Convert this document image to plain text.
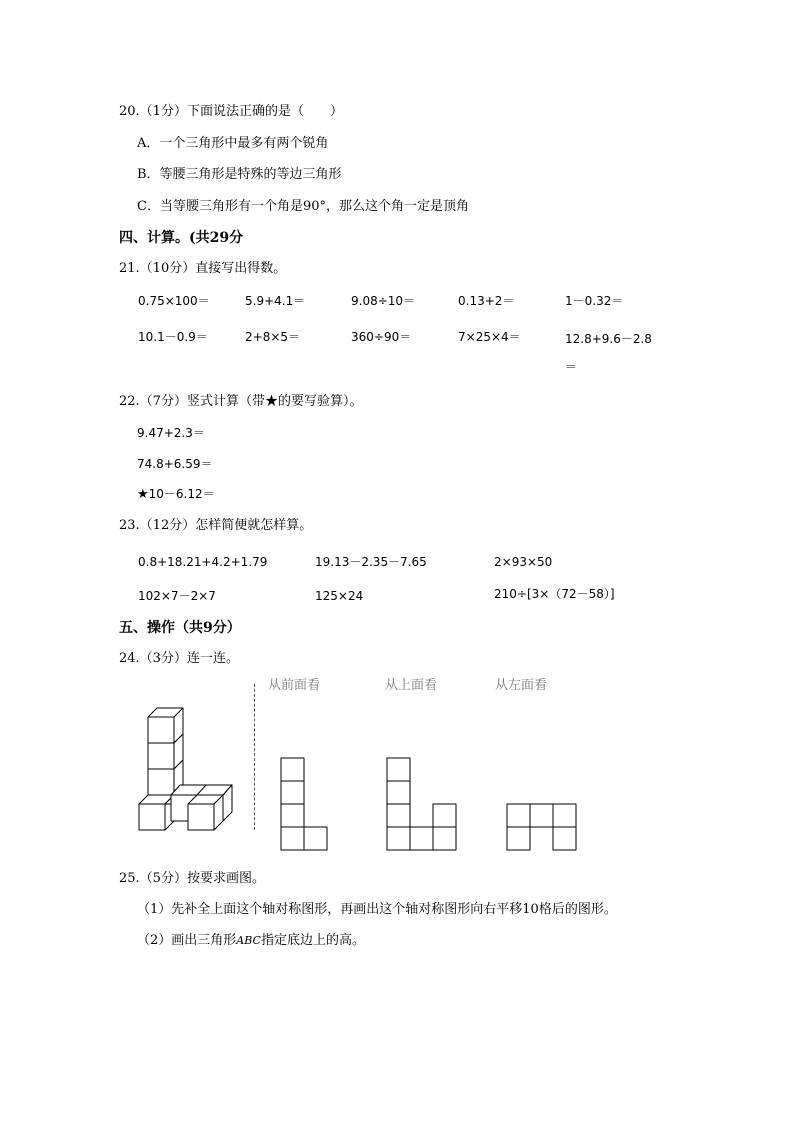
20.（1分）下面说法正确的是（　　）
A．一个三角形中最多有两个锐角
B．等腰三角形是特殊的等边三角形
C．当等腰三角形有一个角是90°，那么这个角一定是顶角
四、计算。(共29分
21.（10分）直接写出得数。
0.75×100＝	5.9+4.1＝	9.08÷10＝	0.13+2＝	1－0.32＝
10.1－0.9＝	2+8×5＝	360÷90＝	7×25×4＝	12.8+9.6－2.8
＝
22.（7分）竖式计算（带★的要写验算）。
9.47+2.3＝
74.8+6.59＝
★10－6.12＝
23.（12分）怎样简便就怎样算。
0.8+18.21+4.2+1.79	19.13－2.35－7.65	2×93×50
102×7－2×7	125×24	210÷[3×（72－58）]
五、操作（共9分）
24.（3分）连一连。
从前面看	从上面看	从左面看
25.（5分）按要求画图。
（1）先补全上面这个轴对称图形，再画出这个轴对称图形向右平移10格后的图形。
（2）画出三角形ABC指定底边上的高。
